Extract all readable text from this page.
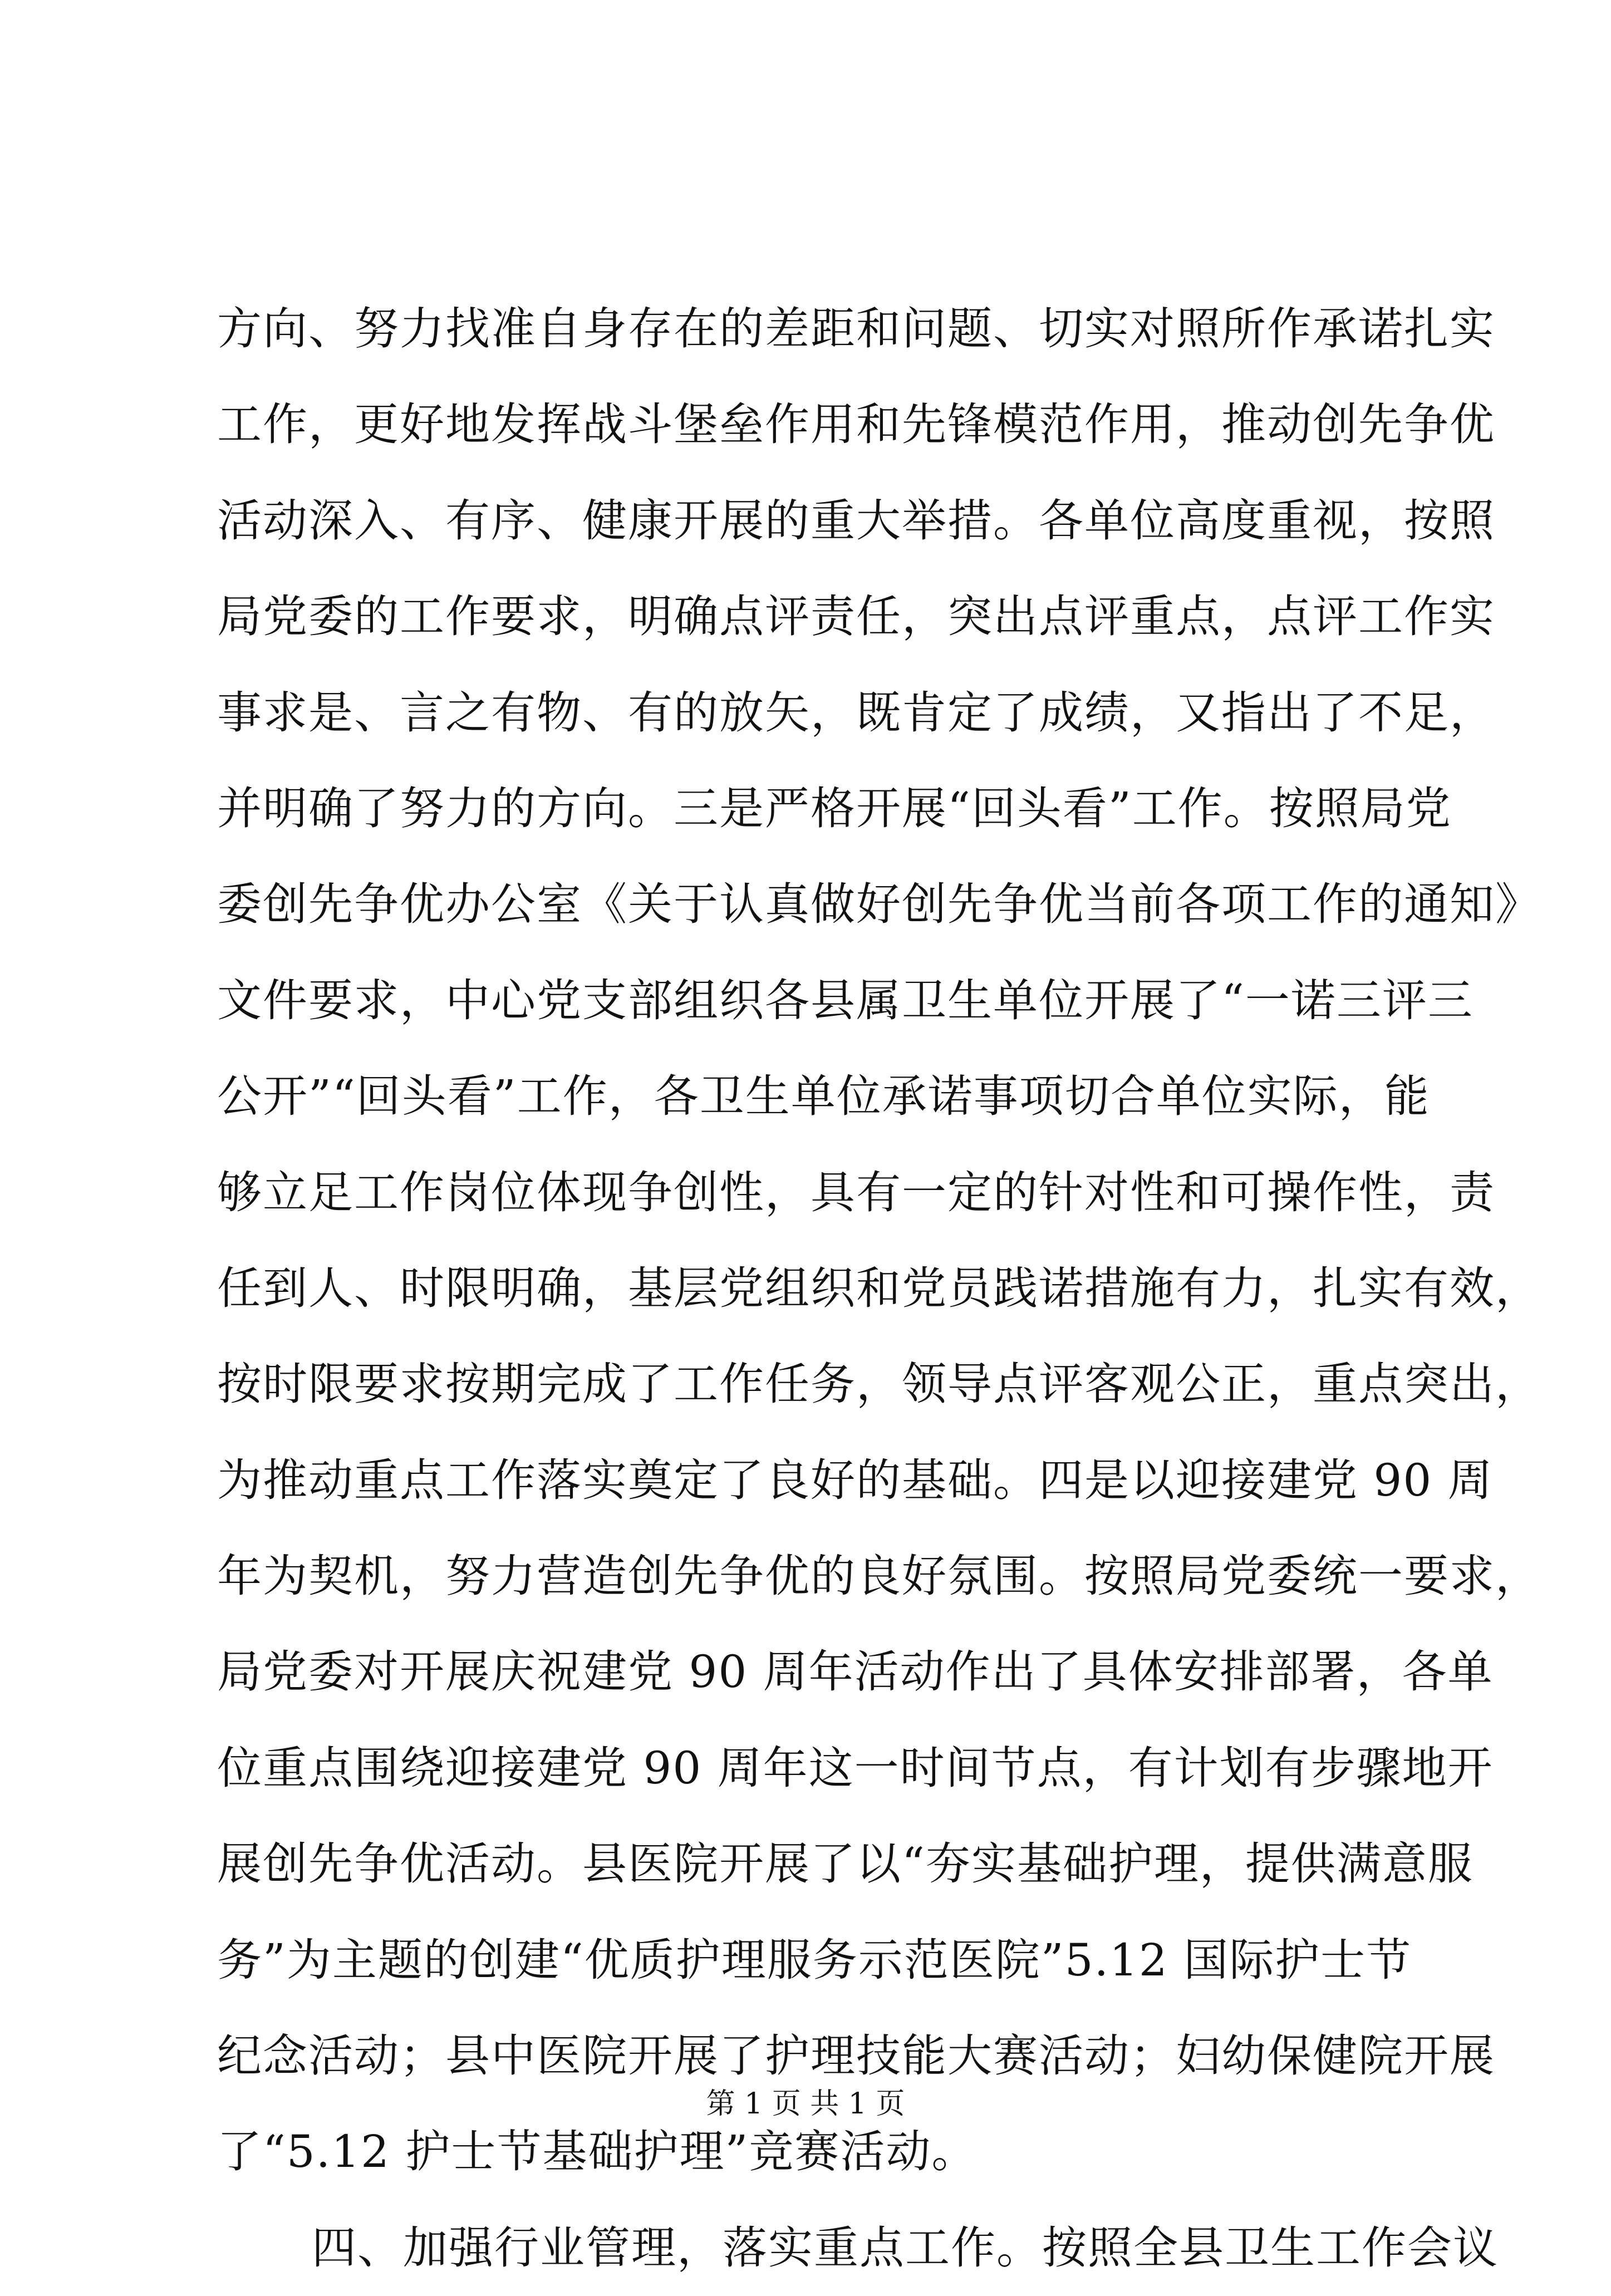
方向、努力找准自身存在的差距和问题、切实对照所作承诺扎实
工作，更好地发挥战斗堡垒作用和先锋模范作用，推动创先争优
活动深入、有序、健康开展的重大举措。各单位高度重视，按照
局党委的工作要求，明确点评责任，突出点评重点，点评工作实
事求是、言之有物、有的放矢，既肯定了成绩，又指出了不足，
并明确了努力的方向。三是严格开展“回头看”工作。按照局党
委创先争优办公室《关于认真做好创先争优当前各项工作的通知》
文件要求，中心党支部组织各县属卫生单位开展了“一诺三评三
公开”“回头看”工作，各卫生单位承诺事项切合单位实际，能
够立足工作岗位体现争创性，具有一定的针对性和可操作性，责
任到人、时限明确，基层党组织和党员践诺措施有力，扎实有效，
按时限要求按期完成了工作任务，领导点评客观公正，重点突出，
为推动重点工作落实奠定了良好的基础。四是以迎接建党 90 周
年为契机，努力营造创先争优的良好氛围。按照局党委统一要求，
局党委对开展庆祝建党 90 周年活动作出了具体安排部署，各单
位重点围绕迎接建党 90 周年这一时间节点，有计划有步骤地开
展创先争优活动。县医院开展了以“夯实基础护理，提供满意服
务”为主题的创建“优质护理服务示范医院”5.12 国际护士节
纪念活动；县中医院开展了护理技能大赛活动；妇幼保健院开展
了“5.12 护士节基础护理”竞赛活动。
四、加强行业管理，落实重点工作。按照全县卫生工作会议
第 1 页 共 1 页
